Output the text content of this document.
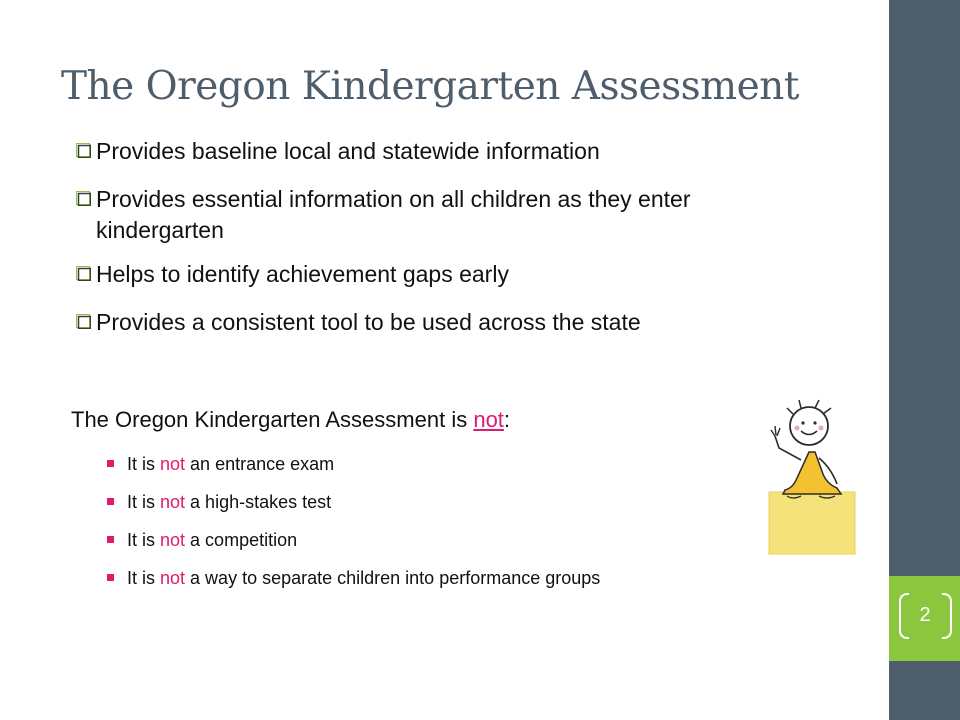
2
The Oregon Kindergarten Assessment
Provides baseline local and statewide information
Provides essential information on all children as they enter kindergarten
Helps to identify achievement gaps early
Provides a consistent tool to be used across the state

The Oregon Kindergarten Assessment is not:

It is not an entrance exam
It is not a high-stakes test
It is not a competition
It is not a way to separate children into performance groups
